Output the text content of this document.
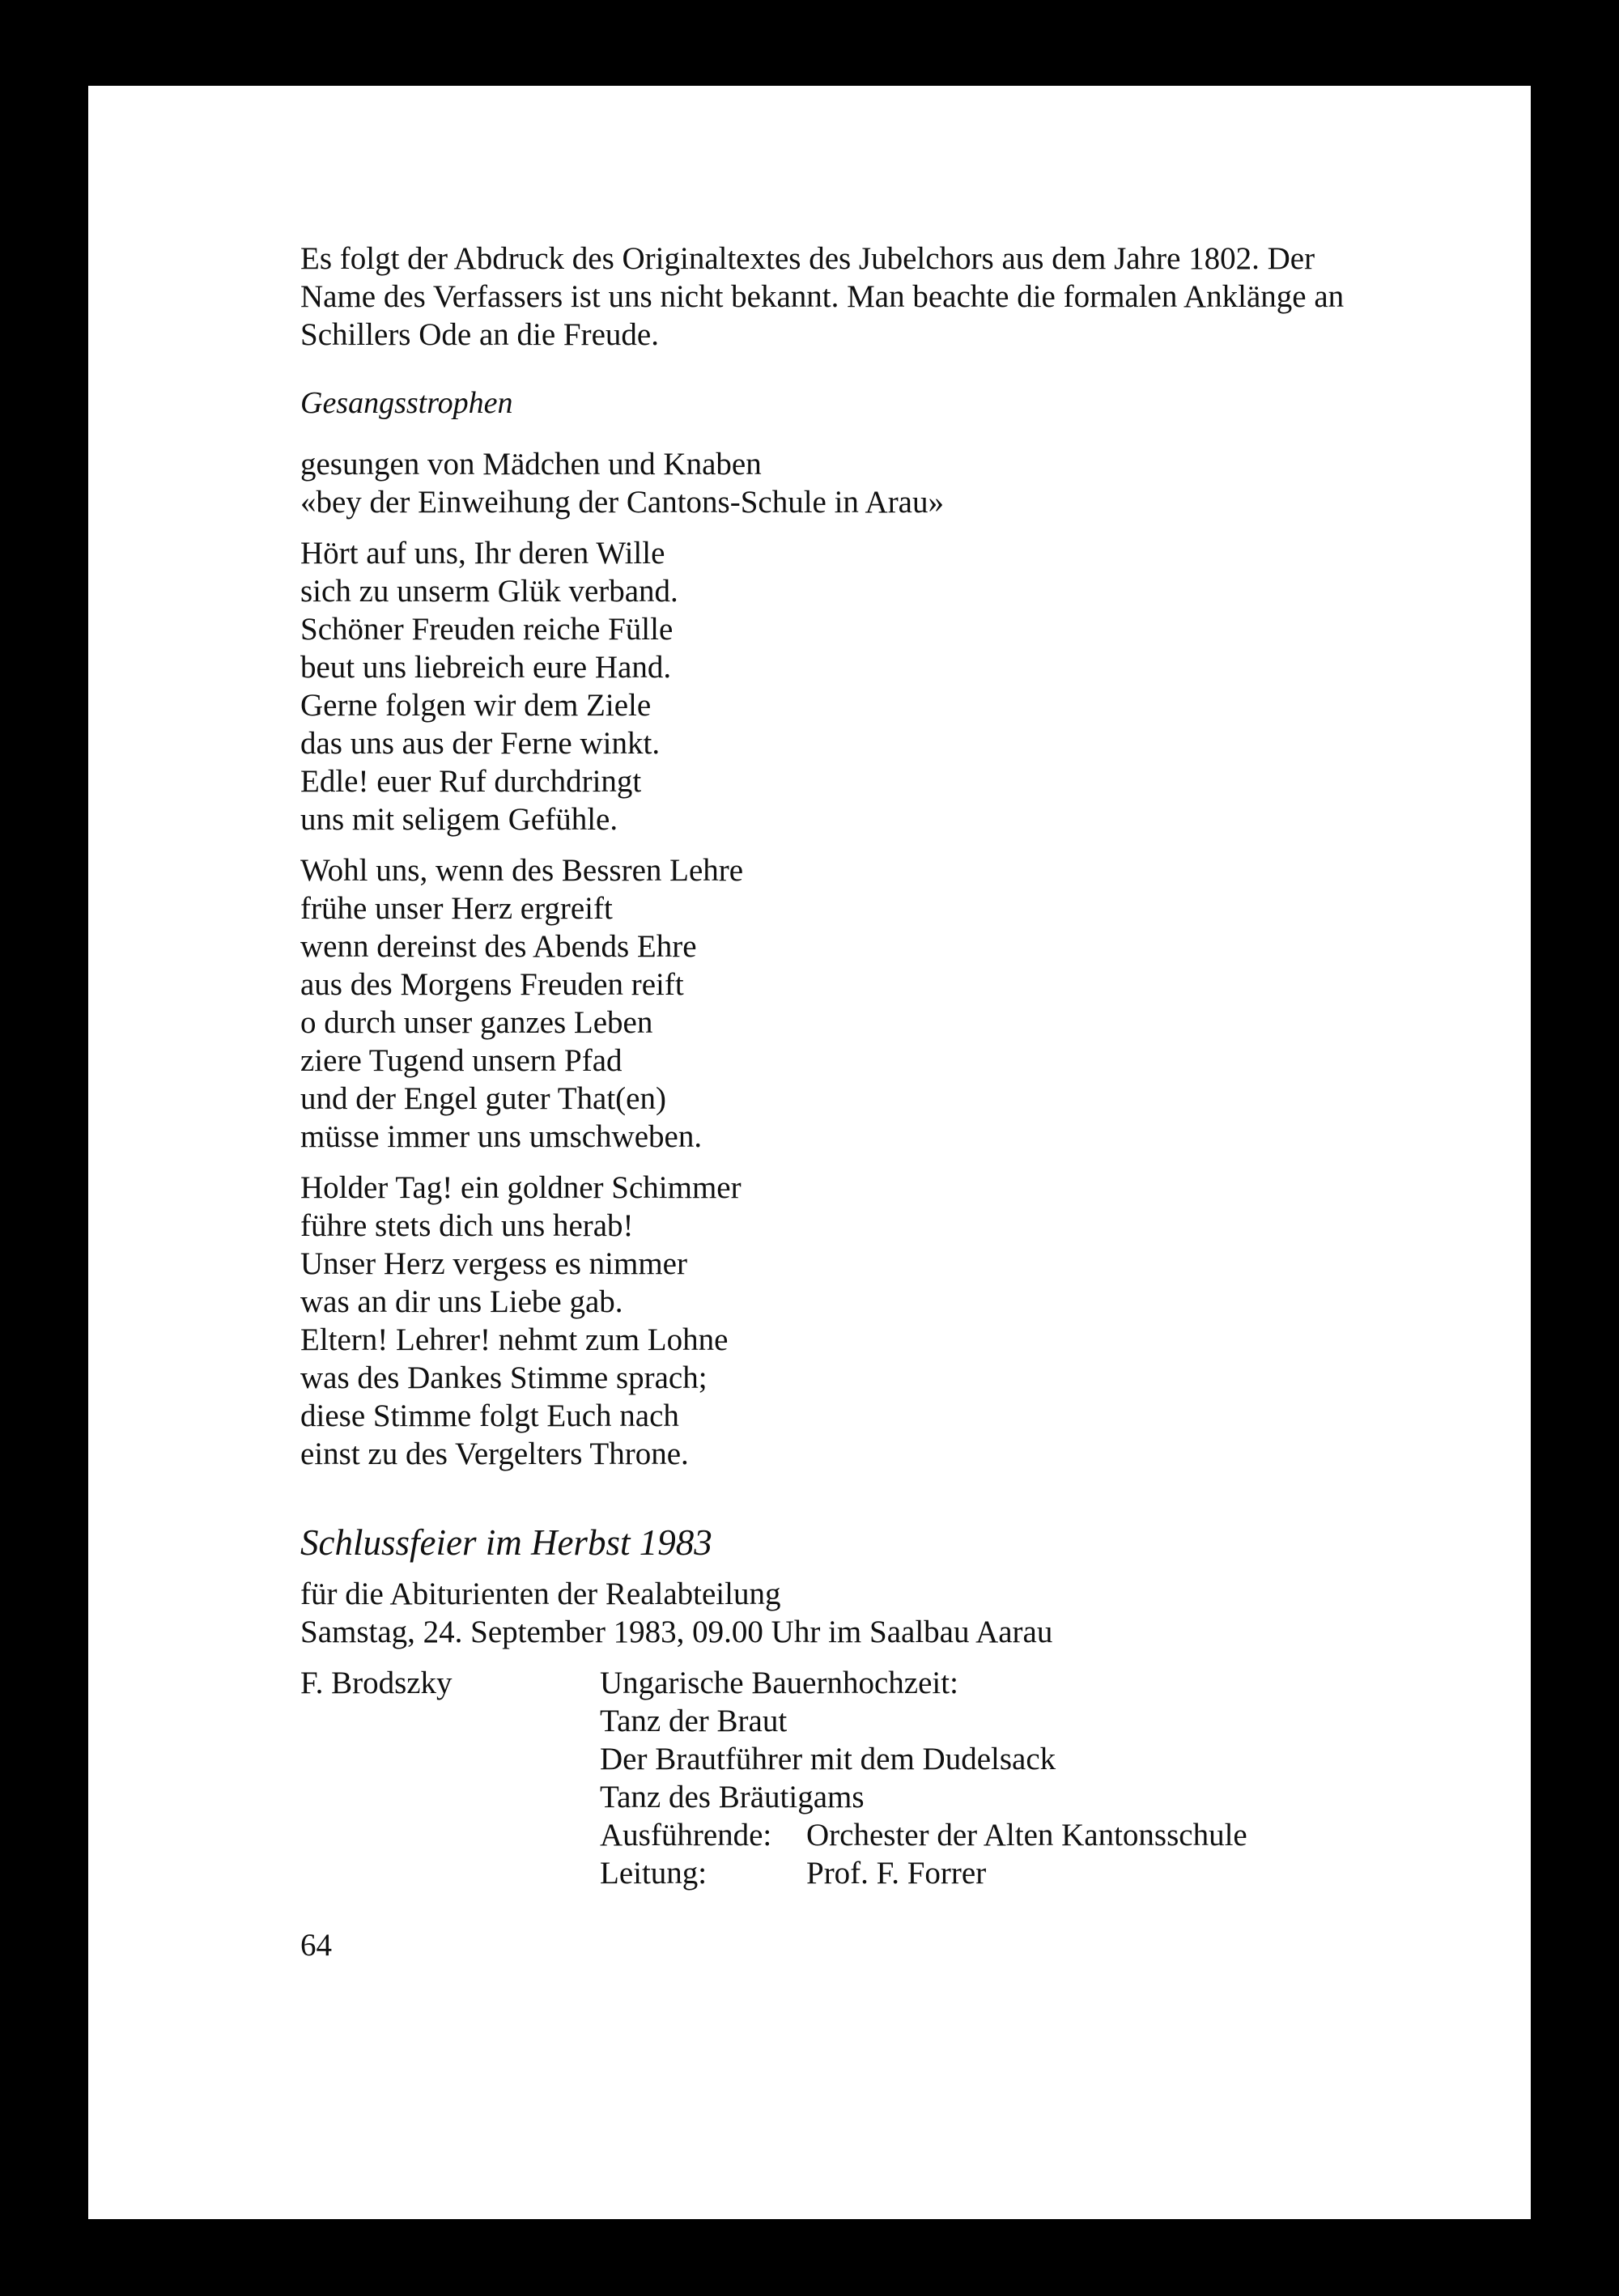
Es folgt der Abdruck des Originaltextes des Jubelchors aus dem Jahre 1802. Der

Name des Verfassers ist uns nicht bekannt. Man beachte die formalen Anklänge an

Schillers Ode an die Freude.

Gesangsstrophen
gesungen von Mädchen und Knaben
«bey der Einweihung der Cantons-Schule in Arau»
Hört auf uns, Ihr deren Wille
sich zu unserm Glük verband.
Schöner Freuden reiche Fülle
beut uns liebreich eure Hand.
Gerne folgen wir dem Ziele
das uns aus der Ferne winkt.
Edle! euer Ruf durchdringt
uns mit seligem Gefühle.
Wohl uns, wenn des Bessren Lehre
frühe unser Herz ergreift
wenn dereinst des Abends Ehre
aus des Morgens Freuden reift
o durch unser ganzes Leben
ziere Tugend unsern Pfad
und der Engel guter That(en)
müsse immer uns umschweben.
Holder Tag! ein goldner Schimmer
führe stets dich uns herab!
Unser Herz vergess es nimmer
was an dir uns Liebe gab.
Eltern! Lehrer! nehmt zum Lohne
was des Dankes Stimme sprach;
diese Stimme folgt Euch nach
einst zu des Vergelters Throne.
Schlussfeier im Herbst 1983
für die Abiturienten der Realabteilung
Samstag, 24. September 1983, 09.00 Uhr im Saalbau Aarau
F. Brodszky	Ungarische Bauernhochzeit:
Tanz der Braut
Der Brautführer mit dem Dudelsack
Tanz des Bräutigams
Ausführende:	Orchester der Alten Kantonsschule
Leitung:	Prof. F. Forrer
64
